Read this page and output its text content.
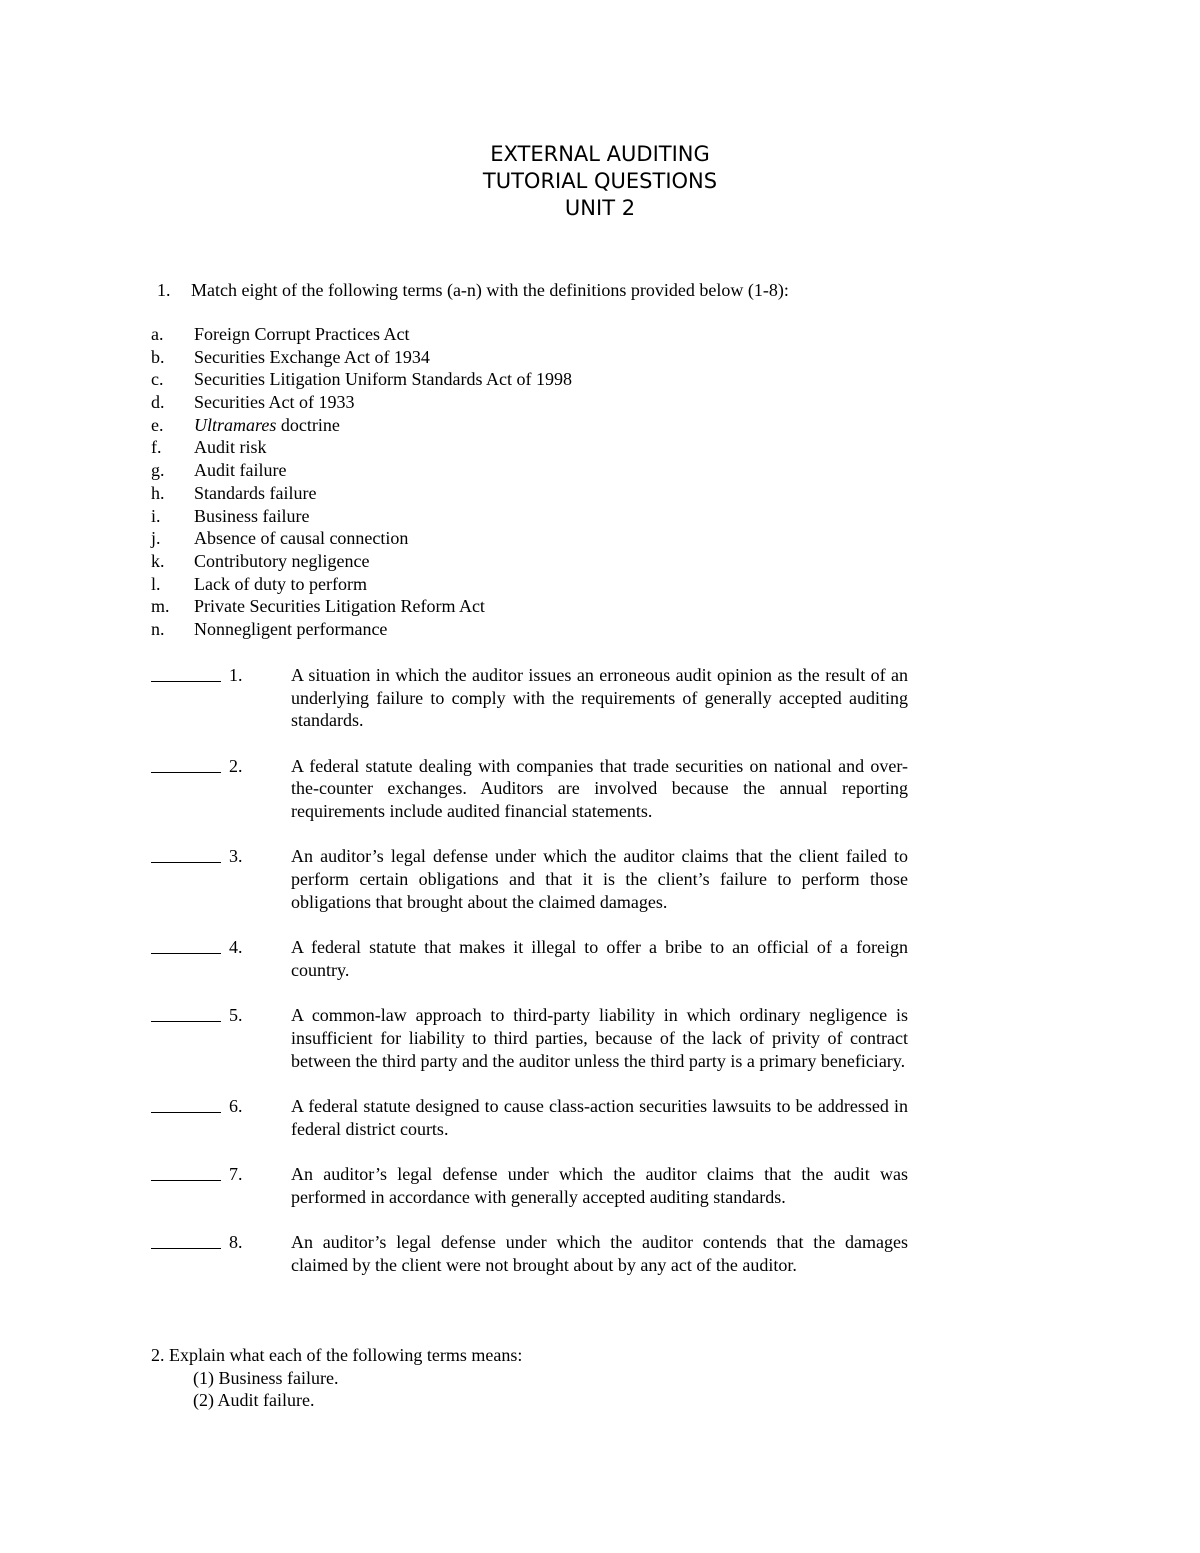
EXTERNAL AUDITING
TUTORIAL QUESTIONS
UNIT 2
1. Match eight of the following terms (a-n) with the definitions provided below (1-8):
a. Foreign Corrupt Practices Act
b. Securities Exchange Act of 1934
c. Securities Litigation Uniform Standards Act of 1998
d. Securities Act of 1933
e. Ultramares doctrine
f. Audit risk
g. Audit failure
h. Standards failure
i. Business failure
j. Absence of causal connection
k. Contributory negligence
l. Lack of duty to perform
m. Private Securities Litigation Reform Act
n. Nonnegligent performance
1.	A situation in which the auditor issues an erroneous audit opinion as the result of an underlying failure to comply with the requirements of generally accepted auditing standards.
2.	A federal statute dealing with companies that trade securities on national and over-the-counter exchanges. Auditors are involved because the annual reporting requirements include audited financial statements.
3.	An auditor’s legal defense under which the auditor claims that the client failed to perform certain obligations and that it is the client’s failure to perform those obligations that brought about the claimed damages.
4.	A federal statute that makes it illegal to offer a bribe to an official of a foreign country.
5.	A common-law approach to third-party liability in which ordinary negligence is insufficient for liability to third parties, because of the lack of privity of contract between the third party and the auditor unless the third party is a primary beneficiary.
6.	A federal statute designed to cause class-action securities lawsuits to be addressed in federal district courts.
7.	An auditor’s legal defense under which the auditor claims that the audit was performed in accordance with generally accepted auditing standards.
8.	An auditor’s legal defense under which the auditor contends that the damages claimed by the client were not brought about by any act of the auditor.
2. Explain what each of the following terms means:
(1) Business failure.
(2) Audit failure.
